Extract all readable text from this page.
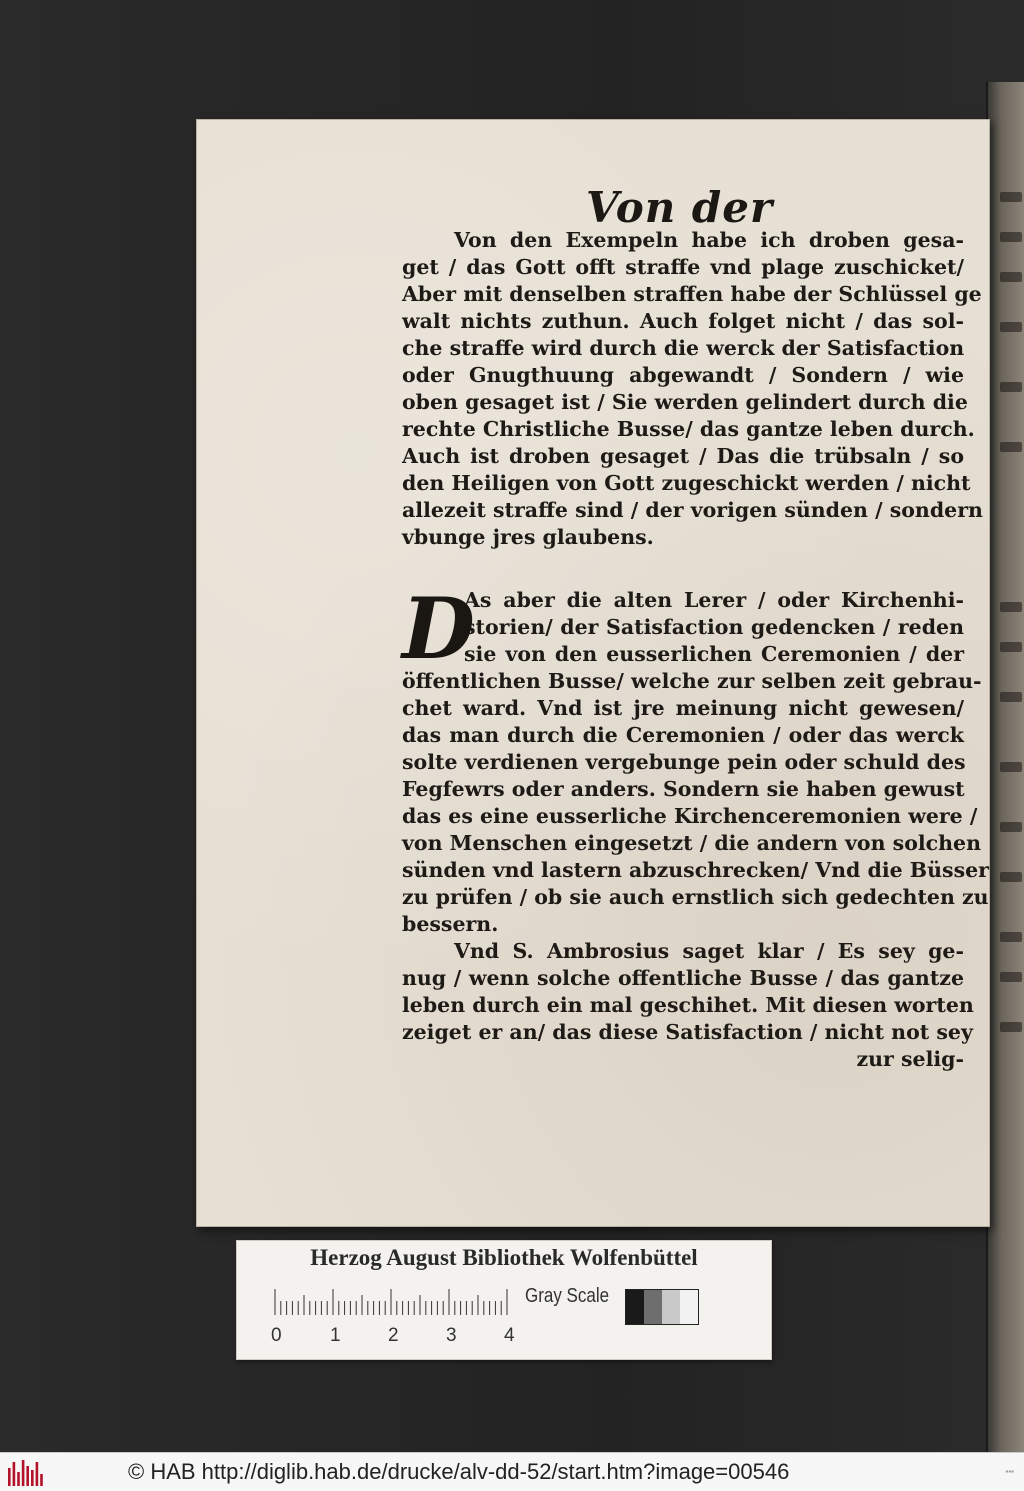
Von der
Von den Exempeln habe ich droben gesa-
get / das Gott offt straffe vnd plage zuschicket/
Aber mit denselben straffen habe der Schlüssel ge
walt nichts zuthun. Auch folget nicht / das sol-
che straffe wird durch die werck der Satisfaction
oder Gnugthuung abgewandt / Sondern / wie
oben gesaget ist / Sie werden gelindert durch die
rechte Christliche Busse/ das gantze leben durch.
Auch ist droben gesaget / Das die trübsaln / so
den Heiligen von Gott zugeschickt werden / nicht
allezeit straffe sind / der vorigen sünden / sondern
vbunge jres glaubens.
D
As aber die alten Lerer / oder Kirchenhi-
storien/ der Satisfaction gedencken / reden
sie von den eusserlichen Ceremonien / der
öffentlichen Busse/ welche zur selben zeit gebrau-
chet ward. Vnd ist jre meinung nicht gewesen/
das man durch die Ceremonien / oder das werck
solte verdienen vergebunge pein oder schuld des
Fegfewrs oder anders. Sondern sie haben gewust
das es eine eusserliche Kirchenceremonien were /
von Menschen eingesetzt / die andern von solchen
sünden vnd lastern abzuschrecken/ Vnd die Büsser
zu prüfen / ob sie auch ernstlich sich gedechten zu
bessern.
Vnd S. Ambrosius saget klar / Es sey ge-
nug / wenn solche offentliche Busse / das gantze
leben durch ein mal geschihet. Mit diesen worten
zeiget er an/ das diese Satisfaction / nicht not sey
zur selig-
Herzog August Bibliothek Wolfenbüttel
0	1 2 3 4
Gray Scale
© HAB http://diglib.hab.de/drucke/alv-dd-52/start.htm?image=00546	▪▪▪
